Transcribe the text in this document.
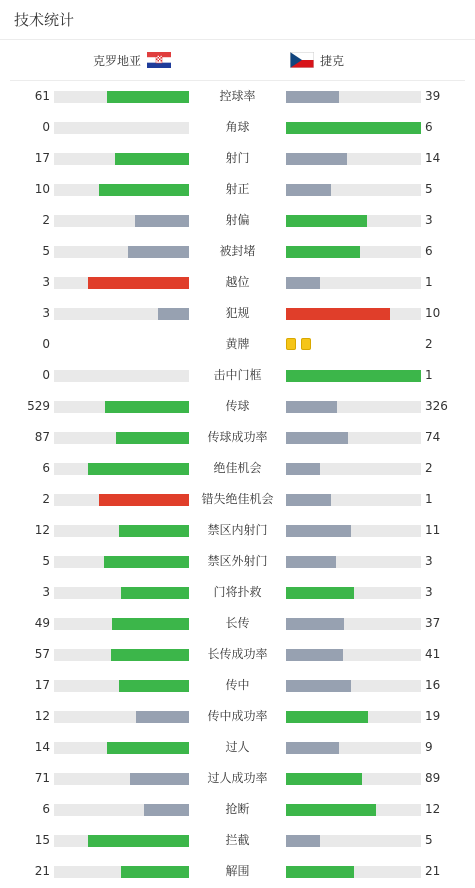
技术统计
克罗地亚	捷克
61	控球率	39
0	角球	6
17	射门	14
10	射正	5
2	射偏	3
5	被封堵	6
3	越位	1
3	犯规	10
0	黄牌	2
0	击中门框	1
529	传球	326
87	传球成功率	74
6	绝佳机会	2
2	错失绝佳机会	1
12	禁区内射门	11
5	禁区外射门	3
3	门将扑救	3
49	长传	37
57	长传成功率	41
17	传中	16
12	传中成功率	19
14	过人	9
71	过人成功率	89
6	抢断	12
15	拦截	5
21	解围	21
